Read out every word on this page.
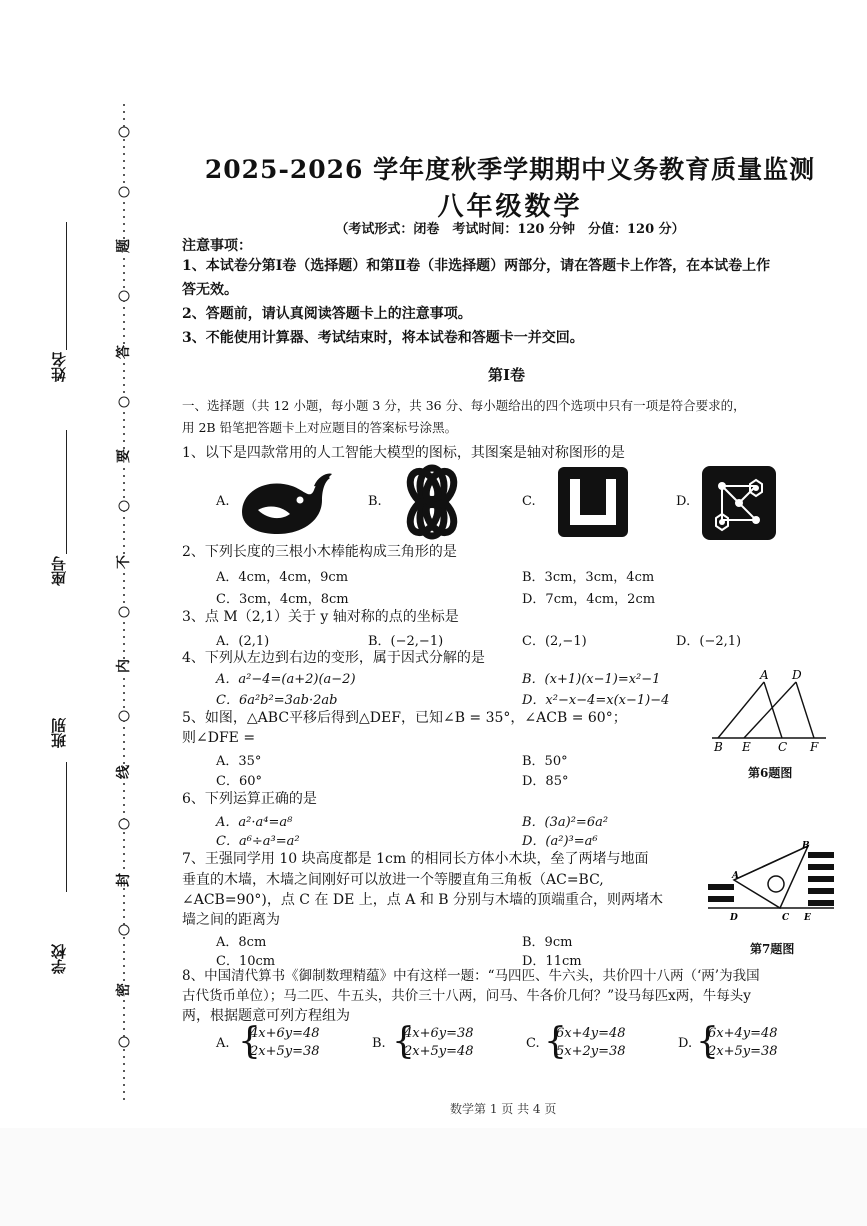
姓名
座号
班别
学校
题
答
要
不
内
线
封
密
2025-2026 学年度秋季学期期中义务教育质量监测
八年级数学
（考试形式：闭卷　考试时间：120 分钟　分值：120 分）
注意事项：
1、本试卷分第Ⅰ卷（选择题）和第Ⅱ卷（非选择题）两部分，请在答题卡上作答，在本试卷上作
答无效。
2、答题前，请认真阅读答题卡上的注意事项。
3、不能使用计算器、考试结束时，将本试卷和答题卡一并交回。
第Ⅰ卷
一、选择题（共 12 小题，每小题 3 分，共 36 分、每小题给出的四个选项中只有一项是符合要求的，
用 2B 铅笔把答题卡上对应题目的答案标号涂黑。
1、以下是四款常用的人工智能大模型的图标，其图案是轴对称图形的是
A.	B.	C.	D.
2、下列长度的三根小木棒能构成三角形的是
A．4cm，4cm，9cm	B．3cm，3cm，4cm
C．3cm，4cm，8cm	D．7cm，4cm，2cm
3、点 M（2,1）关于 y 轴对称的点的坐标是
A．(2,1)	B．(−2,−1)	C．(2,−1)	D．(−2,1)
4、下列从左边到右边的变形，属于因式分解的是
A．a²−4=(a+2)(a−2)	B．(x+1)(x−1)=x²−1
C．6a²b²=3ab·2ab	D．x²−x−4=x(x−1)−4
A D
B E C F
第6题图
5、如图，△ABC平移后得到△DEF，已知∠B = 35°，∠ACB = 60°；
则∠DFE =
A．35°	B．50°
C．60°	D．85°
6、下列运算正确的是
A．a²·a⁴=a⁸	B．(3a)²=6a²
C．a⁶÷a³=a²	D．(a²)³=a⁶
7、王强同学用 10 块高度都是 1cm 的相同长方体小木块，垒了两堵与地面
垂直的木墙，木墙之间刚好可以放进一个等腰直角三角板（AC=BC,
∠ACB=90°)，点 C 在 DE 上，点 A 和 B 分别与木墙的顶端重合，则两堵木
墙之间的距离为
A．8cm	B．9cm
C．10cm	D．11cm
A
B
D	C E
第7题图
8、中国清代算书《御制数理精蕴》中有这样一题：“马四匹、牛六头，共价四十八两（‘两’为我国
古代货币单位）；马二匹、牛五头，共价三十八两，问马、牛各价几何？”设马每匹x两，牛每头y
两，根据题意可列方程组为
A. {
4x+6y=48
2x+5y=38
B. {
4x+6y=38
2x+5y=48
C. {
6x+4y=48
5x+2y=38
D. {
6x+4y=48
2x+5y=38
数学第 1 页 共 4 页
